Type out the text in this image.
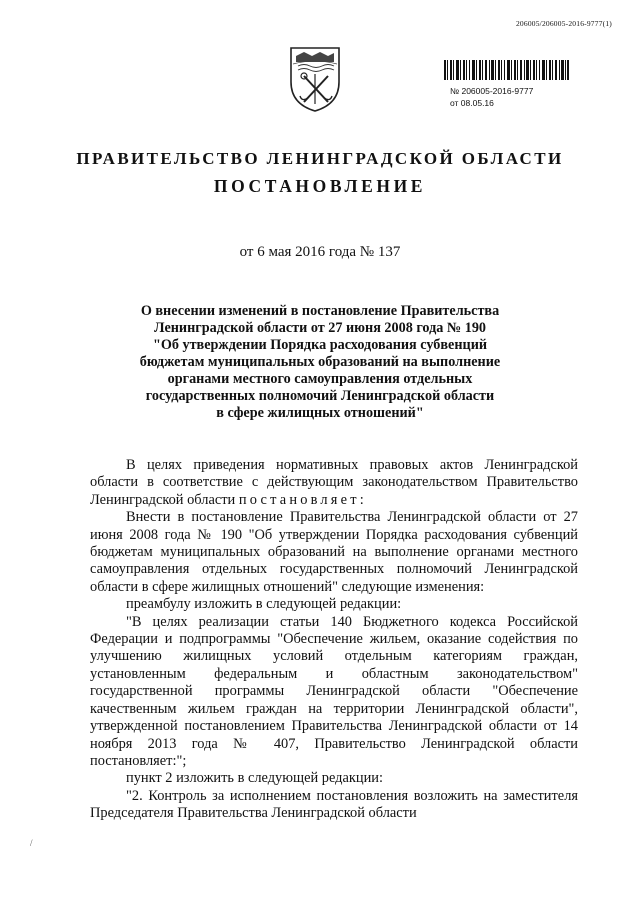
206005/206005-2016-9777(1)
№ 206005-2016-9777
от 08.05.16
ПРАВИТЕЛЬСТВО ЛЕНИНГРАДСКОЙ ОБЛАСТИ
ПОСТАНОВЛЕНИЕ
от 6 мая 2016 года № 137
О внесении изменений в постановление Правительства
Ленинградской области от 27 июня 2008 года № 190
"Об утверждении Порядка расходования субвенций
бюджетам муниципальных образований на выполнение
органами местного самоуправления отдельных
государственных полномочий Ленинградской области
в сфере жилищных отношений"

В целях приведения нормативных правовых актов Ленинградской области в соответствие с действующим законодательством Правительство Ленинградской области постановляет:

Внести в постановление Правительства Ленинградской области от 27 июня 2008 года № 190 "Об утверждении Порядка расходования субвенций бюджетам муниципальных образований на выполнение органами местного самоуправления отдельных государственных полномочий Ленинградской области в сфере жилищных отношений" следующие изменения:

преамбулу изложить в следующей редакции:

"В целях реализации статьи 140 Бюджетного кодекса Российской Федерации и подпрограммы "Обеспечение жильем, оказание содействия по улучшению жилищных условий отдельным категориям граждан, установленным федеральным и областным законодательством" государственной программы Ленинградской области "Обеспечение качественным жильем граждан на территории Ленинградской области", утвержденной постановлением Правительства Ленинградской области от 14 ноября 2013 года № 407, Правительство Ленинградской области постановляет:";

пункт 2 изложить в следующей редакции:

"2. Контроль за исполнением постановления возложить на заместителя Председателя Правительства Ленинградской области

/
